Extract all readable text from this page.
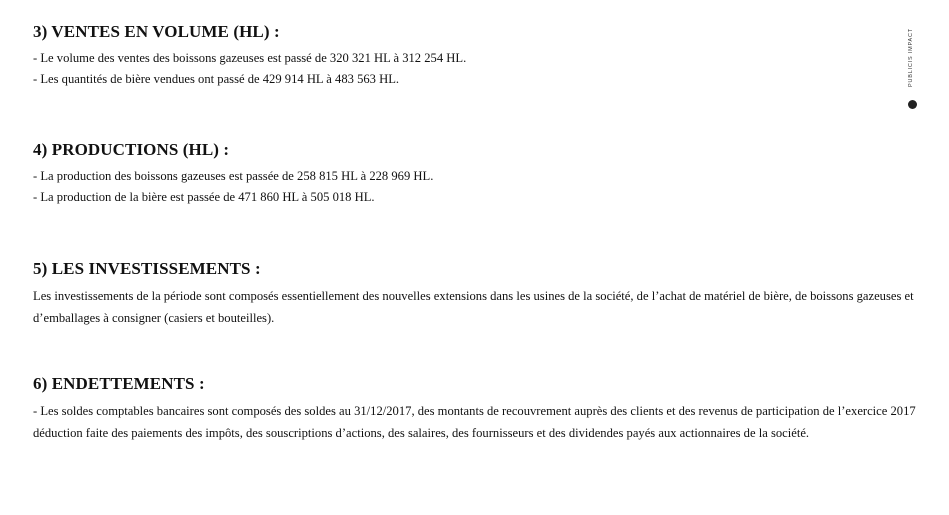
3) VENTES EN VOLUME (HL) :

- Le volume des ventes des boissons gazeuses est passé de 320 321 HL à 312 254 HL.

- Les quantités de bière vendues ont passé de 429 914 HL à 483 563 HL.

4) PRODUCTIONS (HL) :

- La production des boissons gazeuses est passée de 258 815 HL à 228 969 HL.

- La production de la bière est passée de 471 860 HL à 505 018 HL.

5) LES INVESTISSEMENTS :

Les investissements de la période sont composés essentiellement des nouvelles extensions dans les usines de la société, de l’achat de matériel de bière, de boissons gazeuses et d’emballages à consigner (casiers et bouteilles).

6) ENDETTEMENTS :

- Les soldes comptables bancaires sont composés des soldes au 31/12/2017, des montants de recouvrement auprès des clients et des revenus de participation de l’exercice 2017 déduction faite des paiements des impôts, des souscriptions d’actions, des salaires, des fournisseurs et des dividendes payés aux actionnaires de la société.

PUBLICIS IMPACT
